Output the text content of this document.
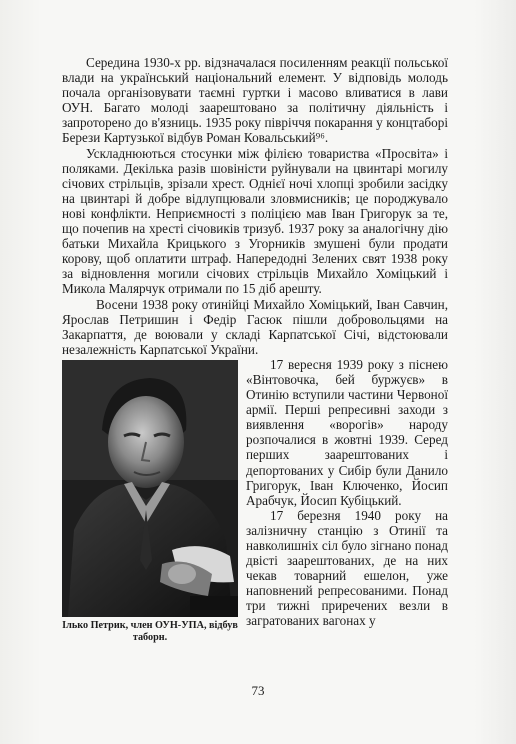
Середина 1930-х рр. відзначалася посиленням реакції польської влади на український національний елемент. У відповідь молодь почала організовувати таємні гуртки і масово вливатися в лави ОУН. Багато молоді заарештовано за політичну діяльність і запроторено до в'язниць. 1935 року півріччя покарання у концтаборі Берези Картузької відбув Роман Ковальський⁹⁶.

Ускладнюються стосунки між філією товариства «Просвіта» і поляками. Декілька разів шовіністи руйнували на цвинтарі могилу січових стрільців, зрізали хрест. Однієї ночі хлопці зробили засідку на цвинтарі й добре відлупцювали зловмисників; це породжувало нові конфлікти. Неприємності з поліцією мав Іван Григорук за те, що почепив на хресті січовиків тризуб. 1937 року за аналогічну дію батьки Михайла Крицького з Угорників змушені були продати корову, щоб оплатити штраф. Напередодні Зелених свят 1938 року за відновлення могили січових стрільців Михайло Хоміцький і Микола Малярчук отримали по 15 діб арешту.

Восени 1938 року отинійці Михайло Хоміцький, Іван Савчин, Ярослав Петришин і Федір Гасюк пішли добровольцями на Закарпаття, де воювали у складі Карпатської Січі, відстоювали незалежність Карпатської України.

Ілько Петрик, член ОУН-УПА, відбув таборн.

17 вересня 1939 року з піснею «Вінтовочка, бей буржуєв» в Отинію вступили частини Червоної армії. Перші репресивні заходи з виявлення «ворогів» народу розпочалися в жовтні 1939. Серед перших заарештованих і депортованих у Сибір були Данило Григорук, Іван Ключенко, Йосип Арабчук, Йосип Кубіцький.

17 березня 1940 року на залізничну станцію з Отинії та навколишніх сіл було зігнано понад двісті заарештованих, де на них чекав товарний ешелон, уже наповнений репресованими. Понад три тижні приречених везли в загратованих вагонах у

73
